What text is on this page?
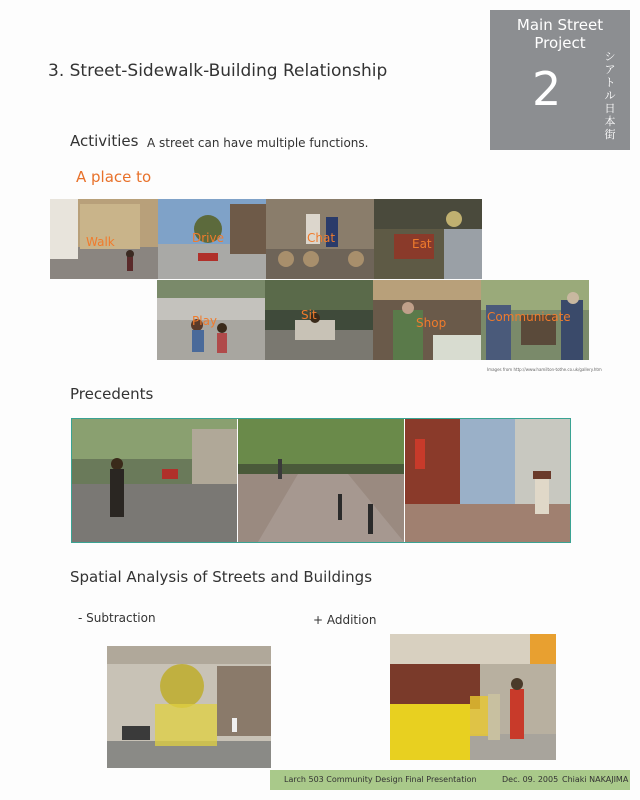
Main Street Project
2
シアトル日本街
3. Street-Sidewalk-Building Relationship
Activities A street can have multiple functions.
A place to
Walk	Drive	Chat	Eat
Play	Sit
Shop	Communicate
Images from http://www.hamilton-tothe.co.uk/gallery.htm
Precedents
Spatial Analysis of Streets and Buildings
- Subtraction	+ Addition
Larch 503 Community Design Final Presentation	Dec. 09. 2005 Chiaki NAKAJIMA
